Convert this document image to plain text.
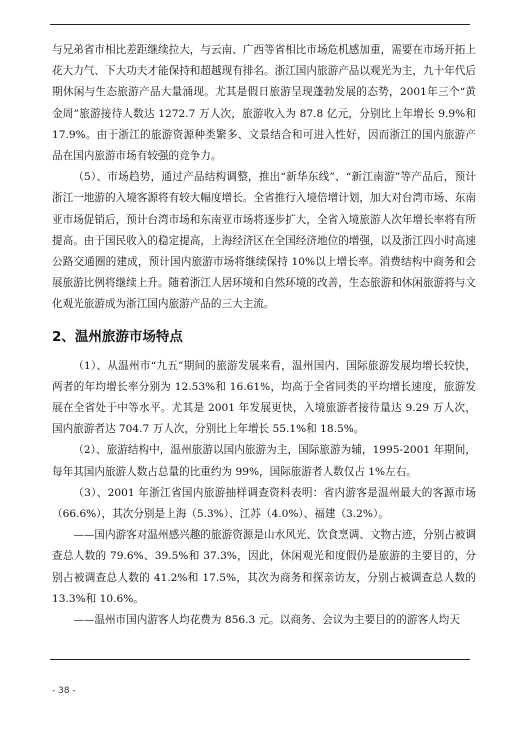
与兄弟省市相比差距继续拉大，与云南、广西等省相比市场危机感加重，需要在市场开拓上花大力气、下大功夫才能保持和超越现有排名。浙江国内旅游产品以观光为主，九十年代后期休闲与生态旅游产品大量涌现。尤其是假日旅游呈现蓬勃发展的态势，2001年三个“黄金周”旅游接待人数达 1272.7 万人次，旅游收入为 87.8 亿元，分别比上年增长 9.9%和17.9%。由于浙江的旅游资源种类繁多、文景结合和可进入性好，因而浙江的国内旅游产品在国内旅游市场有较强的竞争力。

（5）、市场趋势，通过产品结构调整，推出“新华东线”、“新江南游”等产品后，预计浙江一地游的入境客源将有较大幅度增长。全省推行入境倍增计划，加大对台湾市场、东南亚市场促销后，预计台湾市场和东南亚市场将逐步扩大，全省入境旅游人次年增长率将有所提高。由于国民收入的稳定提高，上海经济区在全国经济地位的增强，以及浙江四小时高速公路交通圈的建成，预计国内旅游市场将继续保持 10%以上增长率。消费结构中商务和会展旅游比例将继续上升。随着浙江人居环境和自然环境的改善，生态旅游和休闲旅游将与文化观光旅游成为浙江国内旅游产品的三大主流。

2、温州旅游市场特点

（1）、从温州市“九五”期间的旅游发展来看，温州国内、国际旅游发展均增长较快，两者的年均增长率分别为 12.53%和 16.61%，均高于全省同类的平均增长速度，旅游发展在全省处于中等水平。尤其是 2001 年发展更快，入境旅游者接待量达 9.29 万人次，国内旅游者达 704.7 万人次，分别比上年增长 55.1%和 18.5%。

（2）、旅游结构中，温州旅游以国内旅游为主，国际旅游为辅，1995-2001 年期间，每年其国内旅游人数占总量的比重约为 99%，国际旅游者人数仅占 1%左右。

（3）、2001 年浙江省国内旅游抽样调查资料表明：省内游客是温州最大的客源市场（66.6%），其次分别是上海（5.3%）、江苏（4.0%）、福建（3.2%）。

——国内游客对温州感兴趣的旅游资源是山水风光、饮食烹调、文物古迹，分别占被调查总人数的 79.6%、39.5%和 37.3%，因此，休闲观光和度假仍是旅游的主要目的，分别占被调查总人数的 41.2%和 17.5%，其次为商务和探亲访友，分别占被调查总人数的 13.3%和 10.6%。

——温州市国内游客人均花费为 856.3 元。以商务、会议为主要目的的游客人均天

- 38 -
